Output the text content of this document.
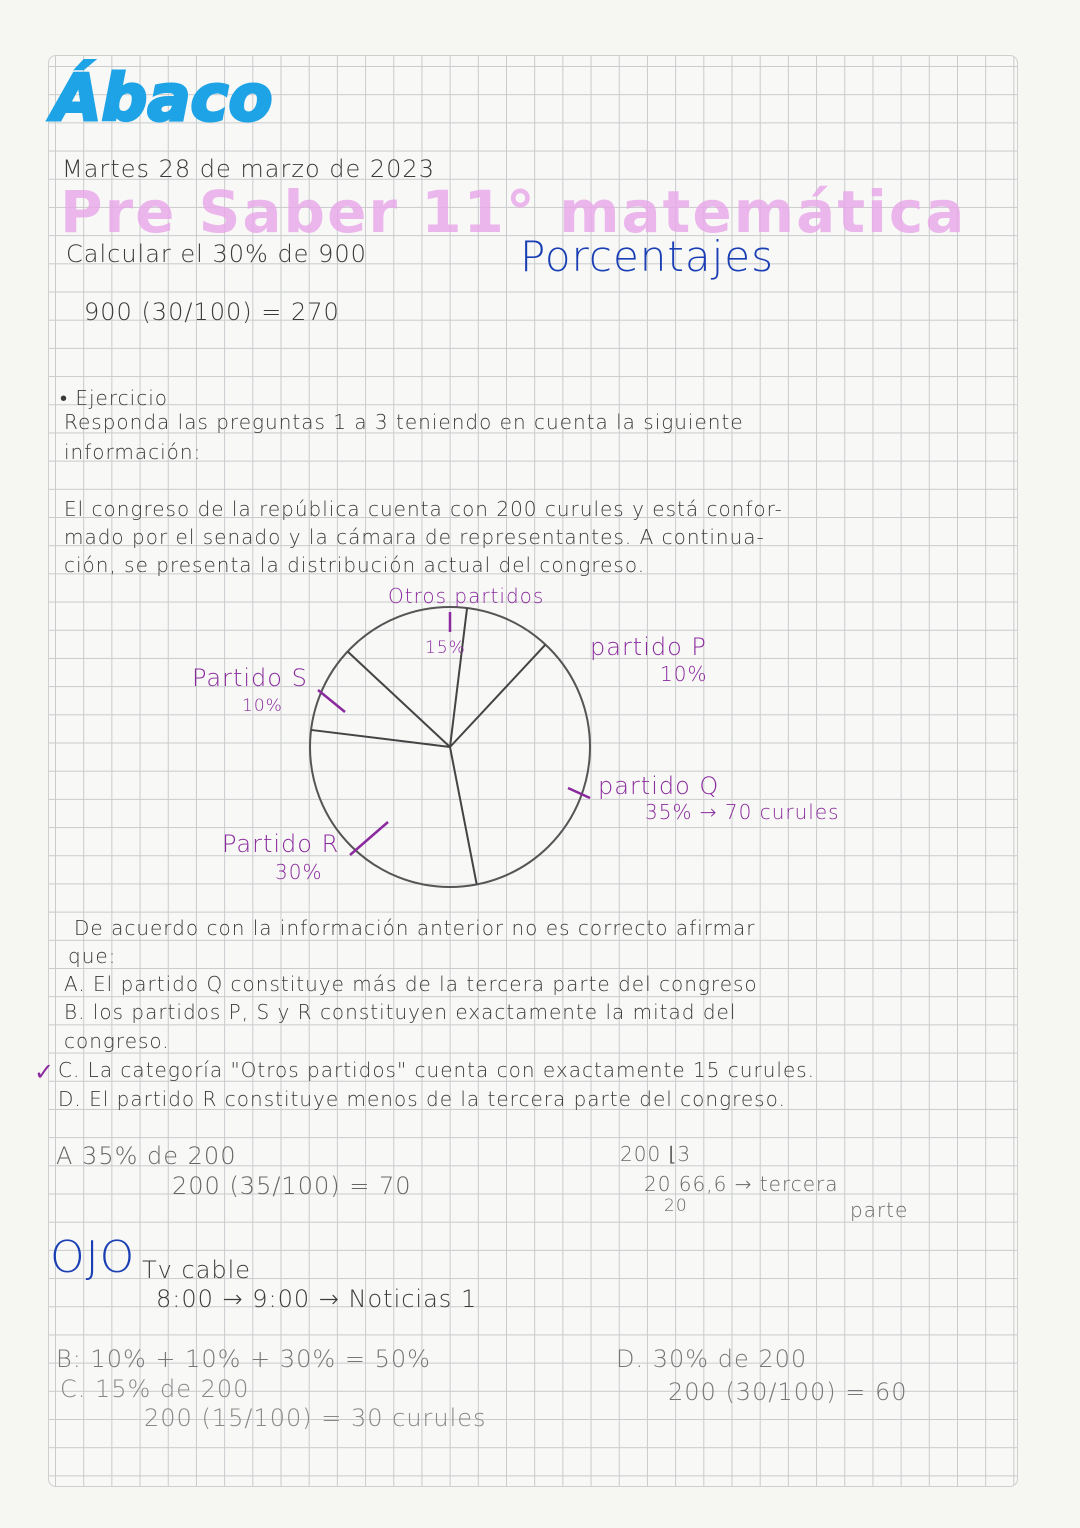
Ábaco
Martes 28 de marzo de 2023
Pre Saber 11° matemática
Calcular el 30% de 900	Porcentajes
900 (30/100) = 270
• Ejercicio
Responda las preguntas 1 a 3 teniendo en cuenta la siguiente
información:
El congreso de la república cuenta con 200 curules y está confor-
mado por el senado y la cámara de representantes. A continua-
ción, se presenta la distribución actual del congreso.
Otros partidos
15%	partido P
10%
partido Q
35% → 70 curules
Partido R
30%
Partido S
10%
De acuerdo con la información anterior no es correcto afirmar
que:
A. El partido Q constituye más de la tercera parte del congreso
B. los partidos P, S y R constituyen exactamente la mitad del
congreso.
✓ C. La categoría "Otros partidos" cuenta con exactamente 15 curules.
D. El partido R constituye menos de la tercera parte del congreso.
A 35% de 200
200 (35/100) = 70
200 ⌊3
20 66,6 → tercera
20	parte
OJO Tv cable
8:00 → 9:00 → Noticias 1
B: 10% + 10% + 30% = 50%
C. 15% de 200
200 (15/100) = 30 curules
D. 30% de 200
200 (30/100) = 60
